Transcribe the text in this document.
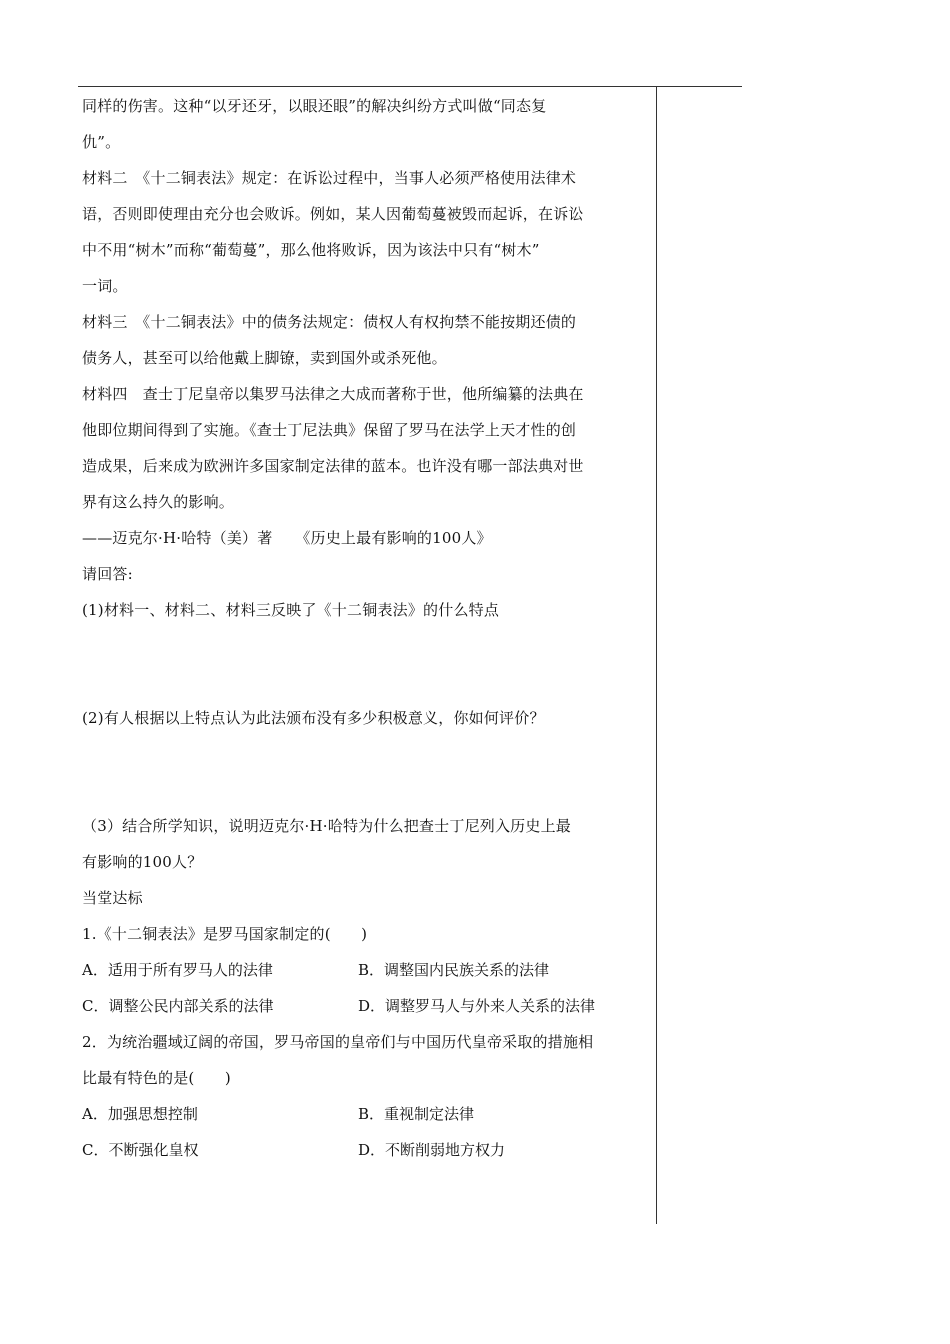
同样的伤害。这种“以牙还牙，以眼还眼”的解决纠纷方式叫做“同态复

仇”。

材料二　《十二铜表法》规定：在诉讼过程中，当事人必须严格使用法律术

语，否则即使理由充分也会败诉。例如，某人因葡萄蔓被毁而起诉，在诉讼

中不用“树木”而称“葡萄蔓”，那么他将败诉，因为该法中只有“树木”

一词。

材料三　《十二铜表法》中的债务法规定：债权人有权拘禁不能按期还债的

债务人，甚至可以给他戴上脚镣，卖到国外或杀死他。

材料四　查士丁尼皇帝以集罗马法律之大成而著称于世，他所编纂的法典在

他即位期间得到了实施。《查士丁尼法典》保留了罗马在法学上天才性的创

造成果，后来成为欧洲许多国家制定法律的蓝本。也许没有哪一部法典对世

界有这么持久的影响。

——迈克尔·H·哈特（美）著　　《历史上最有影响的100人》

请回答:

(1)材料一、材料二、材料三反映了《十二铜表法》的什么特点

(2)有人根据以上特点认为此法颁布没有多少积极意义，你如何评价？

（3）结合所学知识，说明迈克尔·H·哈特为什么把查士丁尼列入历史上最

有影响的100人？

当堂达标

1.《十二铜表法》是罗马国家制定的(　　)

A．适用于所有罗马人的法律	B．调整国内民族关系的法律
C．调整公民内部关系的法律	D．调整罗马人与外来人关系的法律

2．为统治疆域辽阔的帝国，罗马帝国的皇帝们与中国历代皇帝采取的措施相

比最有特色的是(　　)

A．加强思想控制	B．重视制定法律
C．不断强化皇权	D．不断削弱地方权力
